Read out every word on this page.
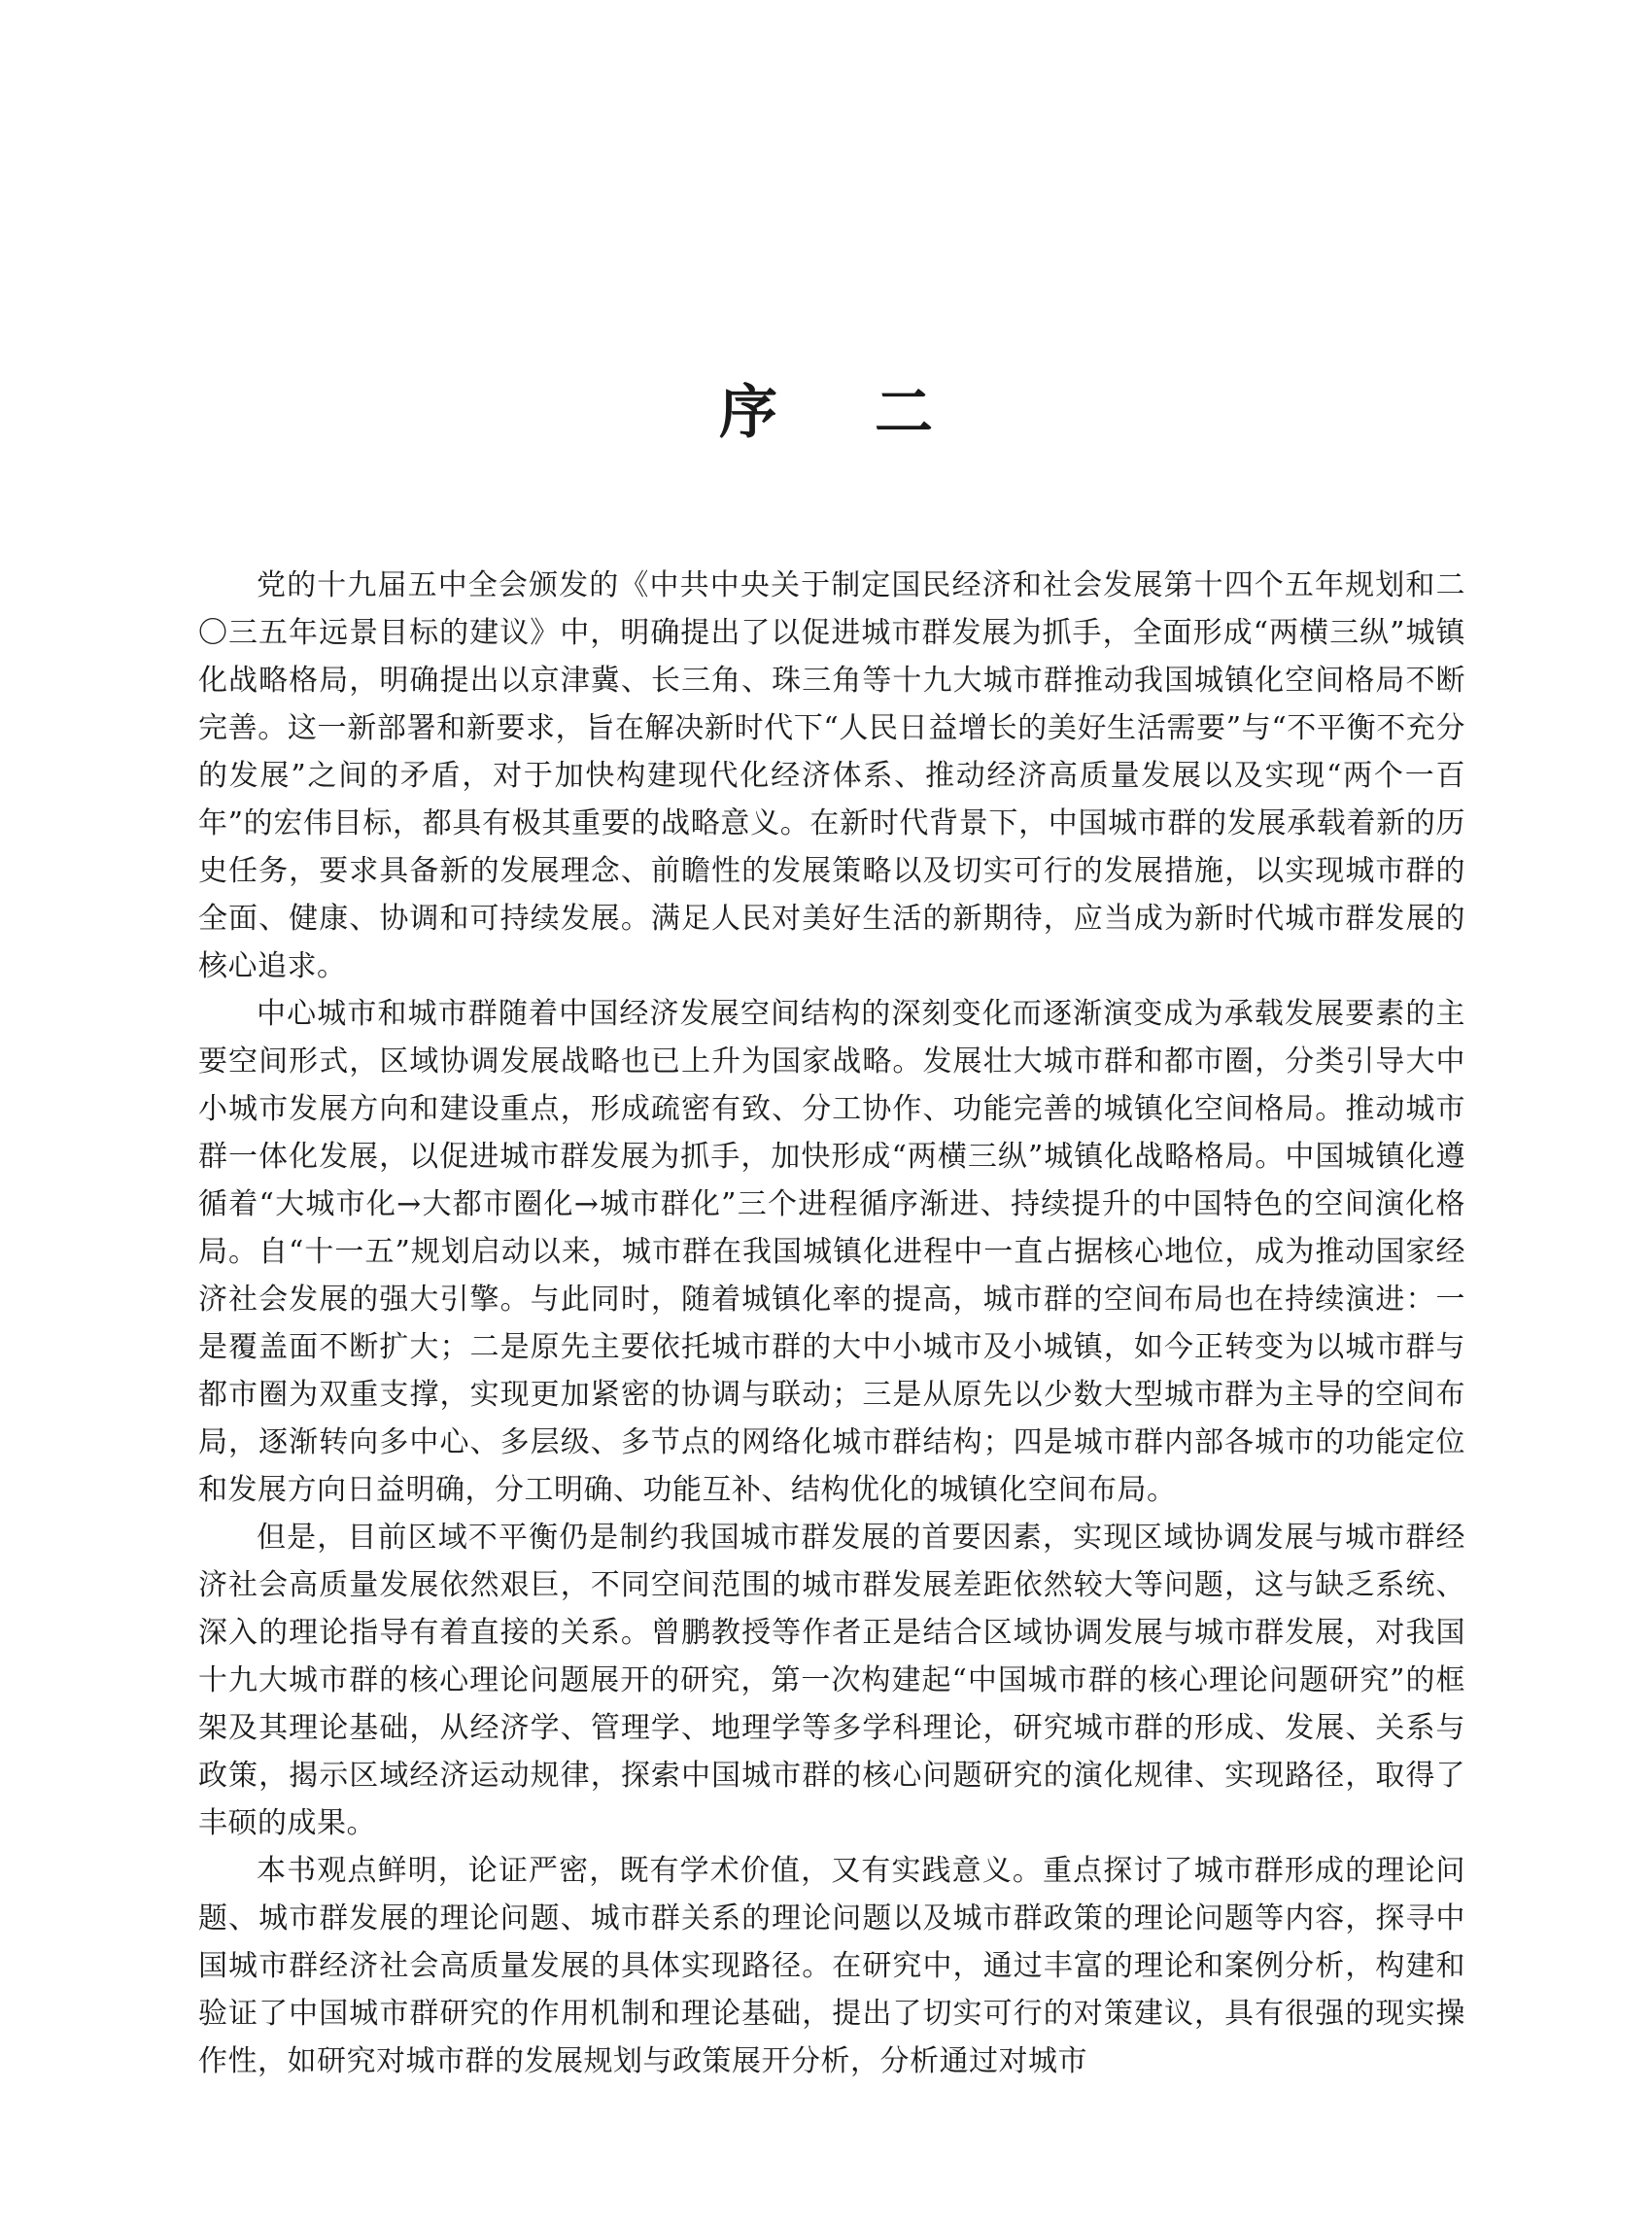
序二

党的十九届五中全会颁发的《中共中央关于制定国民经济和社会发展第十四个五年规划和二〇三五年远景目标的建议》中，明确提出了以促进城市群发展为抓手，全面形成“两横三纵”城镇化战略格局，明确提出以京津冀、长三角、珠三角等十九大城市群推动我国城镇化空间格局不断完善。这一新部署和新要求，旨在解决新时代下“人民日益增长的美好生活需要”与“不平衡不充分的发展”之间的矛盾，对于加快构建现代化经济体系、推动经济高质量发展以及实现“两个一百年”的宏伟目标，都具有极其重要的战略意义。在新时代背景下，中国城市群的发展承载着新的历史任务，要求具备新的发展理念、前瞻性的发展策略以及切实可行的发展措施，以实现城市群的全面、健康、协调和可持续发展。满足人民对美好生活的新期待，应当成为新时代城市群发展的核心追求。

中心城市和城市群随着中国经济发展空间结构的深刻变化而逐渐演变成为承载发展要素的主要空间形式，区域协调发展战略也已上升为国家战略。发展壮大城市群和都市圈，分类引导大中小城市发展方向和建设重点，形成疏密有致、分工协作、功能完善的城镇化空间格局。推动城市群一体化发展，以促进城市群发展为抓手，加快形成“两横三纵”城镇化战略格局。中国城镇化遵循着“大城市化→大都市圈化→城市群化”三个进程循序渐进、持续提升的中国特色的空间演化格局。自“十一五”规划启动以来，城市群在我国城镇化进程中一直占据核心地位，成为推动国家经济社会发展的强大引擎。与此同时，随着城镇化率的提高，城市群的空间布局也在持续演进：一是覆盖面不断扩大；二是原先主要依托城市群的大中小城市及小城镇，如今正转变为以城市群与都市圈为双重支撑，实现更加紧密的协调与联动；三是从原先以少数大型城市群为主导的空间布局，逐渐转向多中心、多层级、多节点的网络化城市群结构；四是城市群内部各城市的功能定位和发展方向日益明确，分工明确、功能互补、结构优化的城镇化空间布局。

但是，目前区域不平衡仍是制约我国城市群发展的首要因素，实现区域协调发展与城市群经济社会高质量发展依然艰巨，不同空间范围的城市群发展差距依然较大等问题，这与缺乏系统、深入的理论指导有着直接的关系。曾鹏教授等作者正是结合区域协调发展与城市群发展，对我国十九大城市群的核心理论问题展开的研究，第一次构建起“中国城市群的核心理论问题研究”的框架及其理论基础，从经济学、管理学、地理学等多学科理论，研究城市群的形成、发展、关系与政策，揭示区域经济运动规律，探索中国城市群的核心问题研究的演化规律、实现路径，取得了丰硕的成果。

本书观点鲜明，论证严密，既有学术价值，又有实践意义。重点探讨了城市群形成的理论问题、城市群发展的理论问题、城市群关系的理论问题以及城市群政策的理论问题等内容，探寻中国城市群经济社会高质量发展的具体实现路径。在研究中，通过丰富的理论和案例分析，构建和验证了中国城市群研究的作用机制和理论基础，提出了切实可行的对策建议，具有很强的现实操作性，如研究对城市群的发展规划与政策展开分析，分析通过对城市
